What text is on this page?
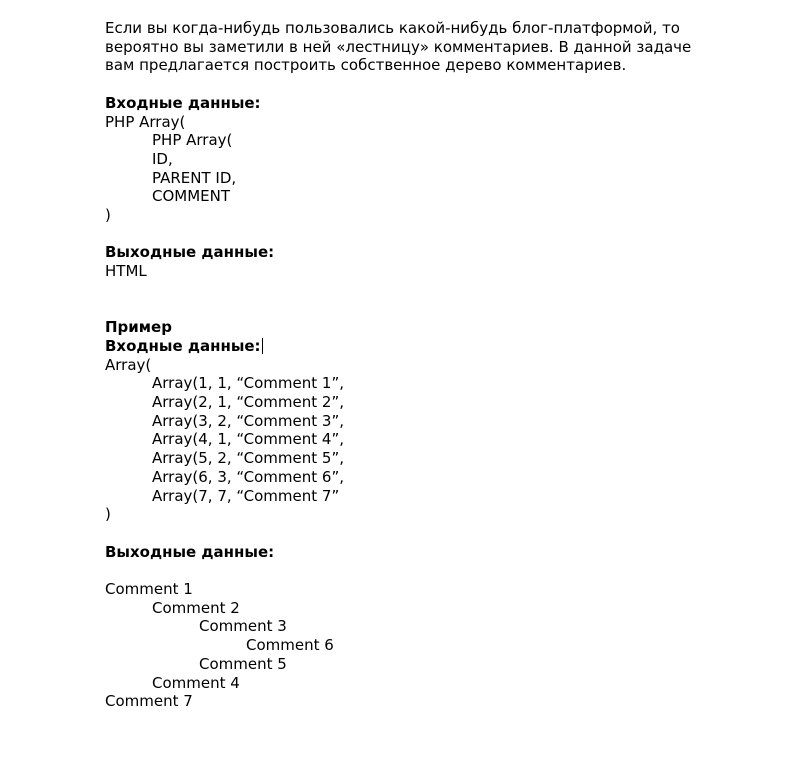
Если вы когда-нибудь пользовались какой-нибудь блог-платформой, то
вероятно вы заметили в ней «лестницу» комментариев. В данной задаче
вам предлагается построить собственное дерево комментариев.
Входные данные:
PHP Array(
PHP Array(
ID,
PARENT ID,
COMMENT
)
Выходные данные:
HTML
Пример
Входные данные:
Array(
Array(1, 1, “Comment 1”,
Array(2, 1, “Comment 2”,
Array(3, 2, “Comment 3”,
Array(4, 1, “Comment 4”,
Array(5, 2, “Comment 5”,
Array(6, 3, “Comment 6”,
Array(7, 7, “Comment 7”
)
Выходные данные:
Comment 1
Comment 2
Comment 3
Comment 6
Comment 5
Comment 4
Comment 7
